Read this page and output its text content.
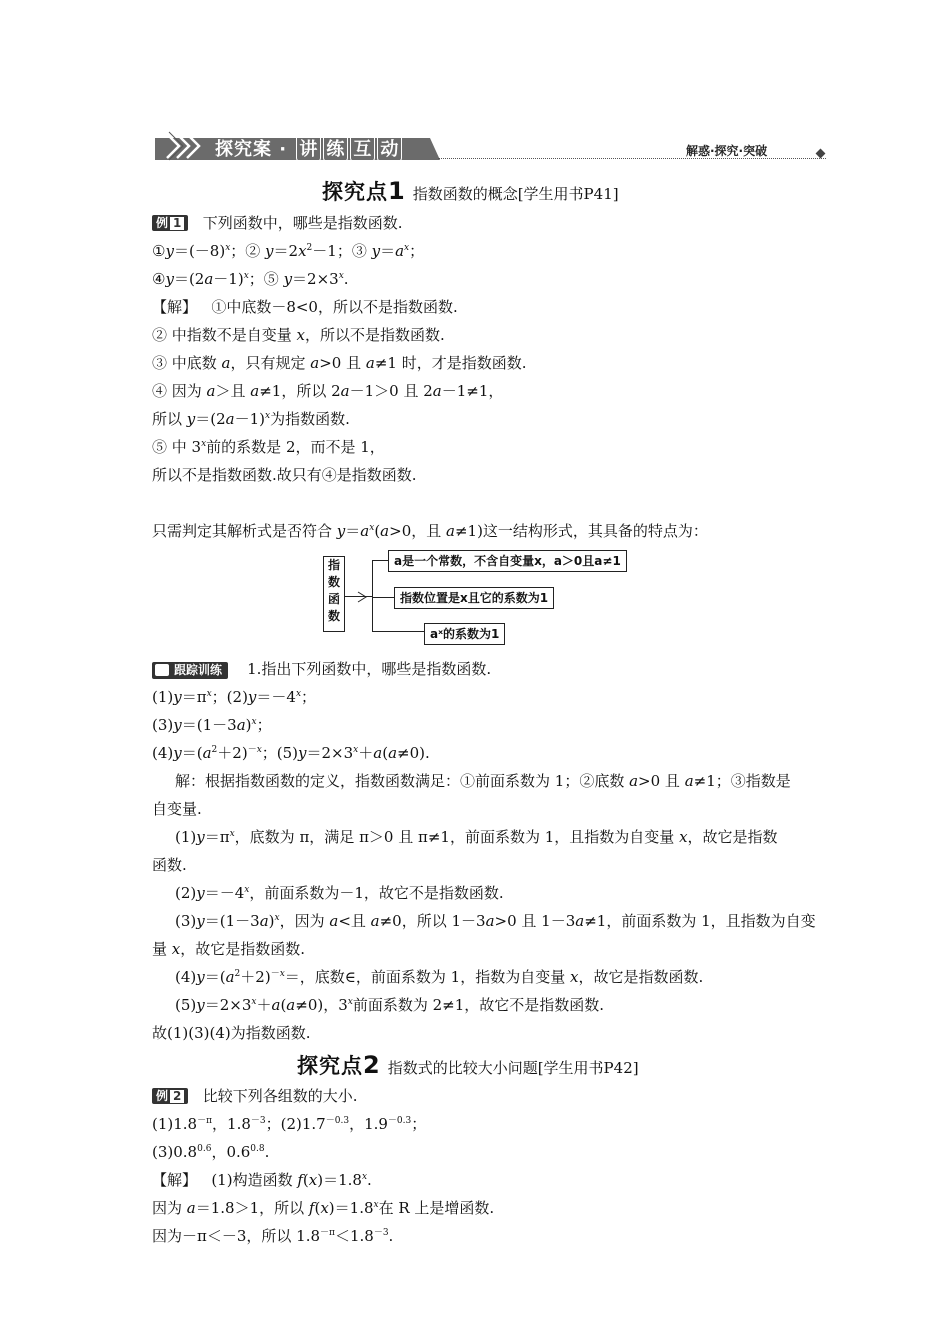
探究案 · 讲 练 互 动	解惑·探究·突破
探究点1 指数函数的概念[学生用书P41]
例 1 下列函数中，哪些是指数函数.
$①y=(-8)^x$；② $y=2x^2-1$；③ $y=a^x$；
$④y=(2a-1)^x$；⑤ $y=2\times 3^x$.
【解】   ①中底数－8<0，所以不是指数函数.
② 中指数不是自变量 x，所以不是指数函数.
③ 中底数 a，只有规定 a>0 且 a≠1 时，才是指数函数.
④ 因为 a＞且 a≠1，所以 2a－1＞0 且 2a－1≠1，
所以 $y=(2a-1)^x$为指数函数.
⑤ 中 3$^x$前的系数是 2，而不是 1，
所以不是指数函数.故只有④是指数函数.
只需判定其解析式是否符合 $y=a^x(a>0$，且 a≠1)这一结构形式，其具备的特点为：
指
数
函
数
a是一个常数，不含自变量x，a＞0且a≠1
指数位置是x且它的系数为1
aˣ的系数为1
跟踪训练 1.指出下列函数中，哪些是指数函数.
$(1)y=\pi^x$；$(2)y=-4^x$；
$(3)y=(1-3a)^x$；
$(4)y=(a^2+2)^{-x}$；$(5)y=2\times 3^x+a(a\ne 0)$.
解：根据指数函数的定义，指数函数满足：①前面系数为 1；②底数 a>0 且 a≠1；③指数是
自变量.
$(1)y=\pi^x$，底数为 π，满足 π＞0 且 π≠1，前面系数为 1，且指数为自变量 x，故它是指数
函数.
$(2)y=-4^x$，前面系数为－1，故它不是指数函数.
$(3)y=(1-3a)^x$，因为 a<且 a≠0，所以 1－3a>0 且 1－3a≠1，前面系数为 1，且指数为自变
量 x，故它是指数函数.
$(4)y=(a^2+2)^{-x}=$，底数∈，前面系数为 1，指数为自变量 x，故它是指数函数.
$(5)y=2\times 3^x+a(a\ne 0)$，3$^x$前面系数为 2≠1，故它不是指数函数.
故(1)(3)(4)为指数函数.
探究点2 指数式的比较大小问题[学生用书P42]
例 2 比较下列各组数的大小.
$(1)1.8^{-\pi}$，$1.8^{-3}$；$(2)1.7^{-0.3}$，$1.9^{-0.3}$；
$(3)0.8^{0.6}$，$0.6^{0.8}$.
【解】   (1)构造函数 $f(x)=1.8^x$.
因为 a＝1.8＞1，所以 $f(x)=1.8^x$在 R 上是增函数.
因为－π＜－3，所以 $1.8^{-\pi}<1.8^{-3}$.
